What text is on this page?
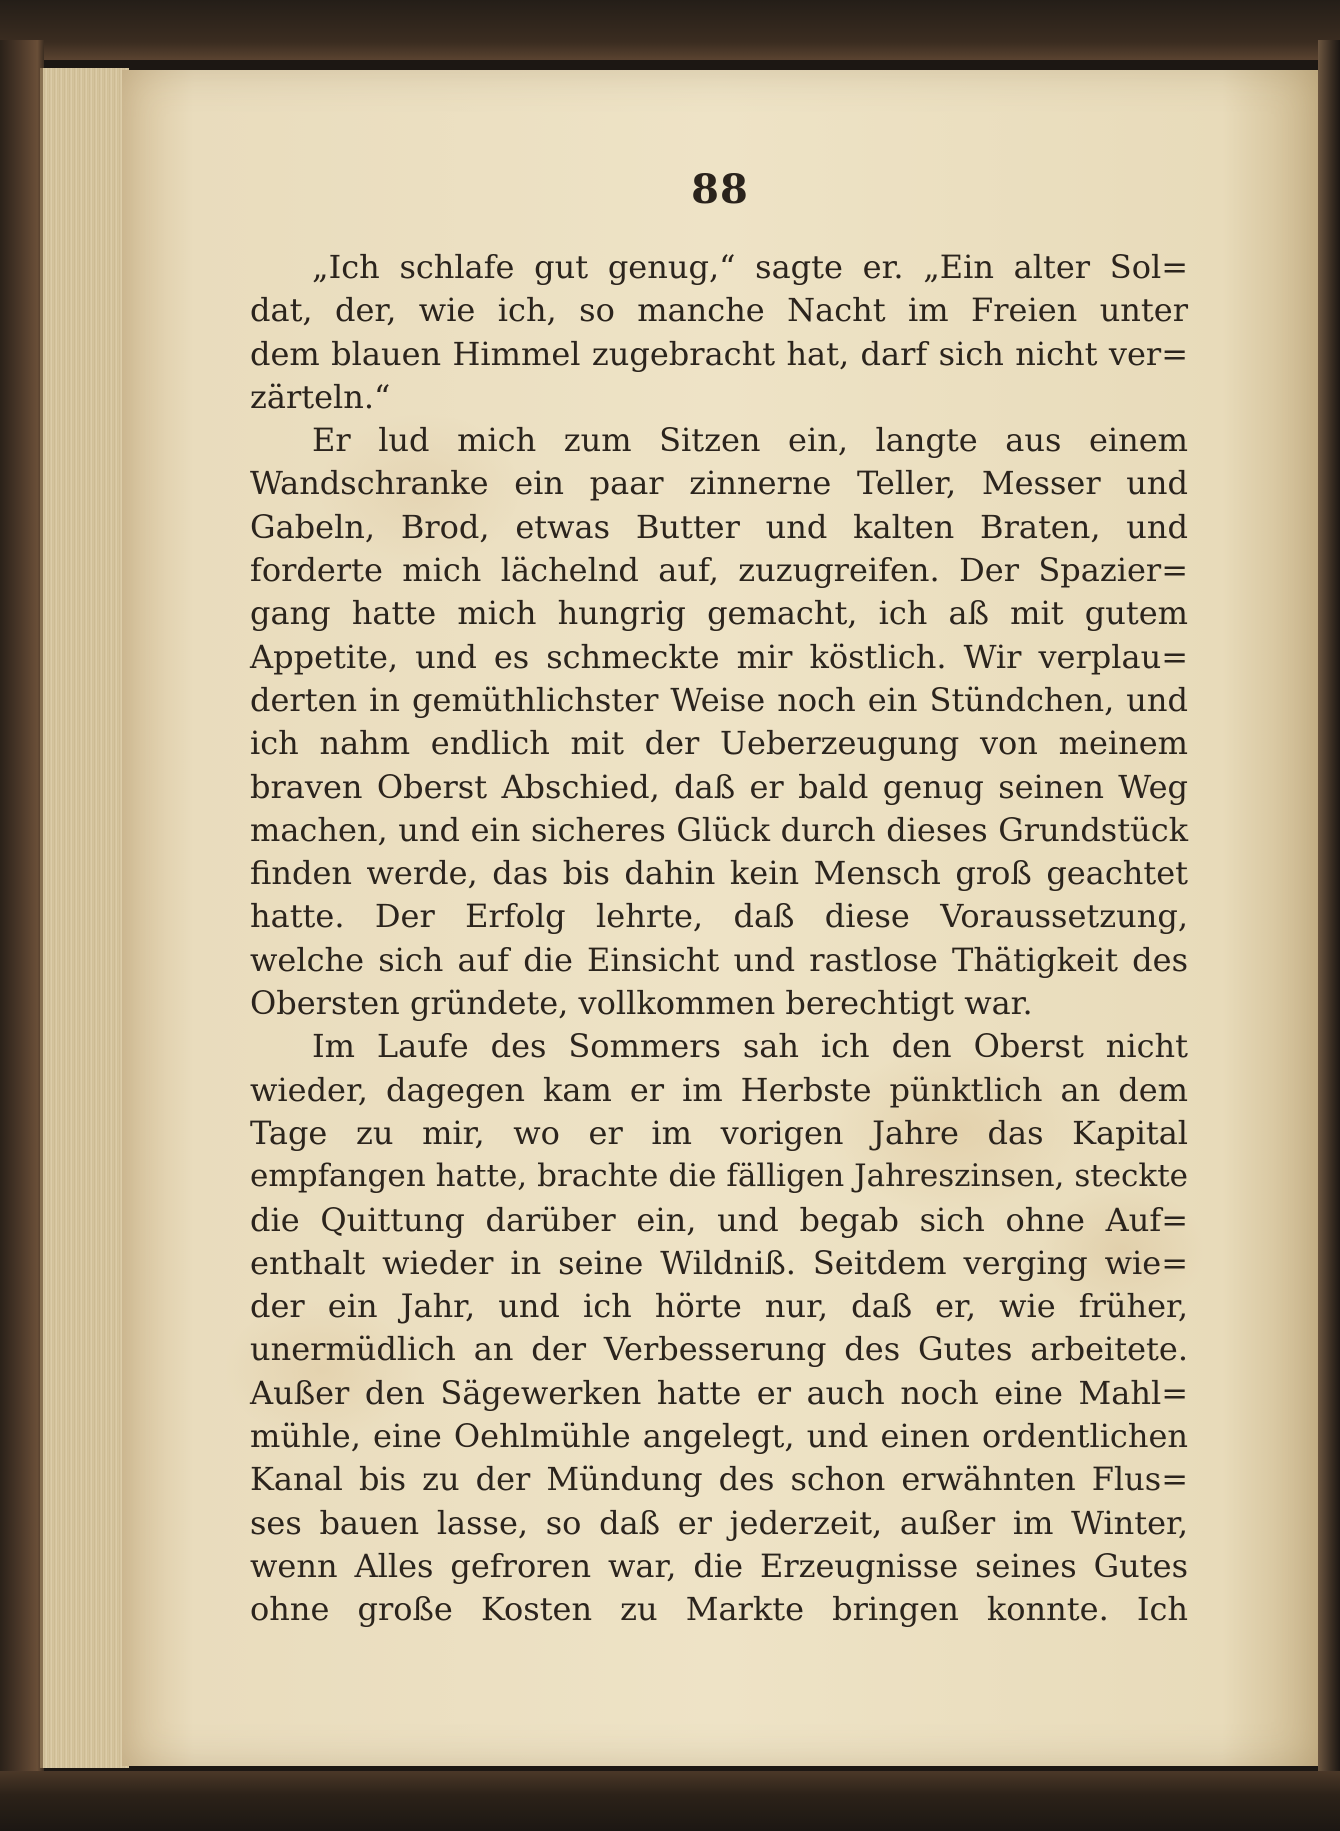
88
„Ich schlafe gut genug,“ sagte er. „Ein alter Sol=
dat, der, wie ich, so manche Nacht im Freien unter
dem blauen Himmel zugebracht hat, darf sich nicht ver=
zärteln.“
Er lud mich zum Sitzen ein, langte aus einem
Wandschranke ein paar zinnerne Teller, Messer und
Gabeln, Brod, etwas Butter und kalten Braten, und
forderte mich lächelnd auf, zuzugreifen. Der Spazier=
gang hatte mich hungrig gemacht, ich aß mit gutem
Appetite, und es schmeckte mir köstlich. Wir verplau=
derten in gemüthlichster Weise noch ein Stündchen, und
ich nahm endlich mit der Ueberzeugung von meinem
braven Oberst Abschied, daß er bald genug seinen Weg
machen, und ein sicheres Glück durch dieses Grundstück
finden werde, das bis dahin kein Mensch groß geachtet
hatte. Der Erfolg lehrte, daß diese Voraussetzung,
welche sich auf die Einsicht und rastlose Thätigkeit des
Obersten gründete, vollkommen berechtigt war.
Im Laufe des Sommers sah ich den Oberst nicht
wieder, dagegen kam er im Herbste pünktlich an dem
Tage zu mir, wo er im vorigen Jahre das Kapital
empfangen hatte, brachte die fälligen Jahreszinsen, steckte
die Quittung darüber ein, und begab sich ohne Auf=
enthalt wieder in seine Wildniß. Seitdem verging wie=
der ein Jahr, und ich hörte nur, daß er, wie früher,
unermüdlich an der Verbesserung des Gutes arbeitete.
Außer den Sägewerken hatte er auch noch eine Mahl=
mühle, eine Oehlmühle angelegt, und einen ordentlichen
Kanal bis zu der Mündung des schon erwähnten Flus=
ses bauen lasse, so daß er jederzeit, außer im Winter,
wenn Alles gefroren war, die Erzeugnisse seines Gutes
ohne große Kosten zu Markte bringen konnte. Ich
